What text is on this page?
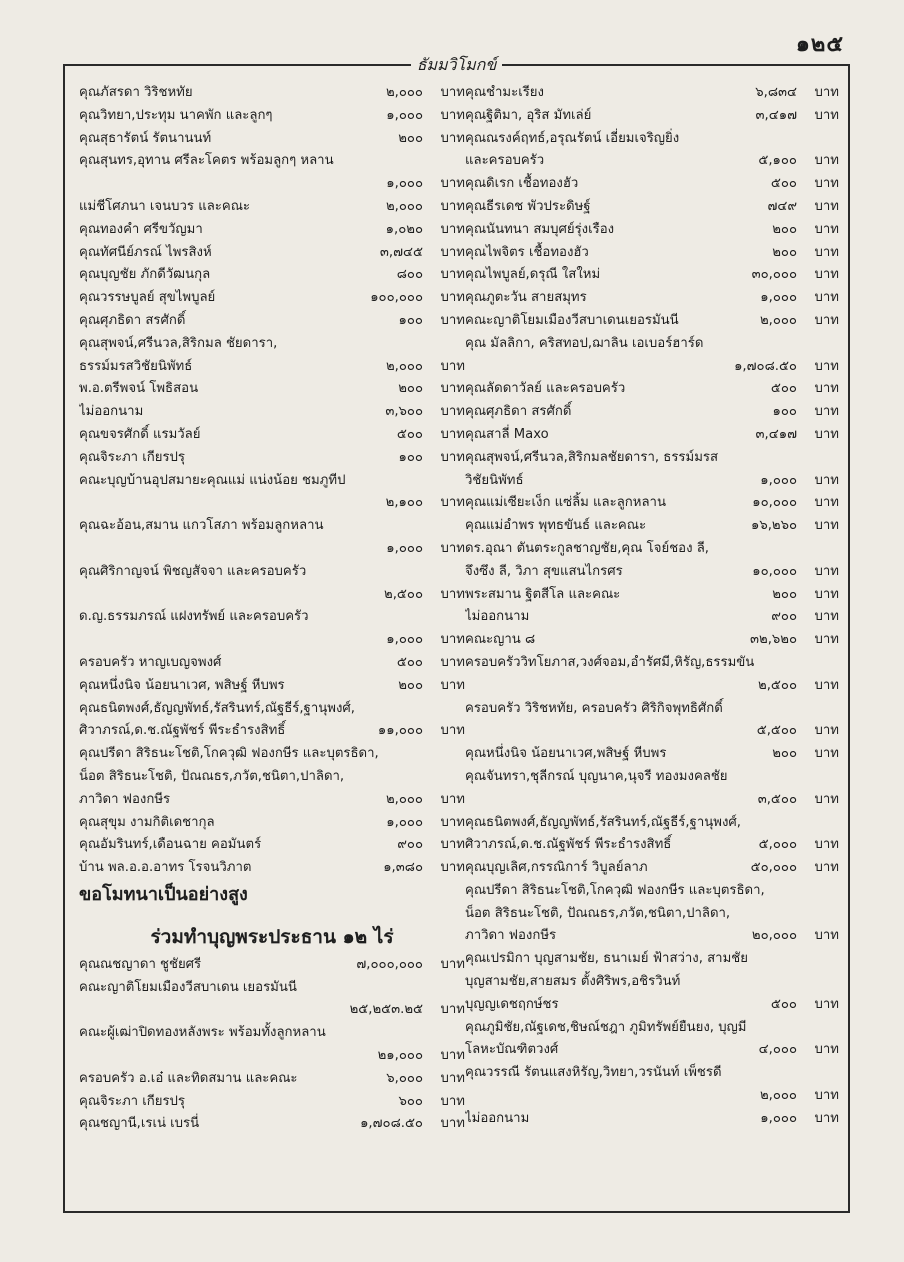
๑๒๕
ธัมมวิโมกข์
คุณภัสรดา วิริชหทัย	๒,๐๐๐	บาท
คุณวิทยา,ประทุม นาคพัก และลูกๆ	๑,๐๐๐	บาท
คุณสุธารัตน์ รัตนานนท์	๒๐๐	บาท
คุณสุนทร,อุทาน ศรีละโคตร พร้อมลูกๆ หลาน
๑,๐๐๐	บาท
แม่ชีโศภนา เจนบวร และคณะ	๒,๐๐๐	บาท
คุณทองคำ ศรีขวัญมา	๑,๐๒๐	บาท
คุณทัศนีย์ภรณ์ ไพรสิงห์	๓,๗๔๕	บาท
คุณบุญชัย ภักดีวัฒนกุล	๘๐๐	บาท
คุณวรรษบูลย์ สุขไพบูลย์	๑๐๐,๐๐๐	บาท
คุณศุภธิดา สรศักดิ์	๑๐๐	บาท
คุณสุพจน์,ศรีนวล,สิริกมล ชัยดารา,
ธรรม์มรสวิชัยนิพัทธ์	๒,๐๐๐	บาท
พ.อ.ตรีพจน์ โพธิสอน	๒๐๐	บาท
ไม่ออกนาม	๓,๖๐๐	บาท
คุณขจรศักดิ์ แรมวัลย์	๕๐๐	บาท
คุณจิระภา เกียรปรุ	๑๐๐	บาท
คณะบุญบ้านอุปสมายะคุณแม่ แน่งน้อย ชมภูทีป
๒,๑๐๐	บาท
คุณฉะอ้อน,สมาน แกวโสภา พร้อมลูกหลาน
๑,๐๐๐	บาท
คุณศิริกาญจน์ พิชญสัจจา และครอบครัว
๒,๕๐๐	บาท
ด.ญ.ธรรมภรณ์ แฝงทรัพย์ และครอบครัว
๑,๐๐๐	บาท
ครอบครัว หาญเบญจพงศ์	๕๐๐	บาท
คุณหนึ่งนิจ น้อยนาเวศ, พสิษฐ์ หีบพร	๒๐๐	บาท
คุณธนิตพงศ์,ธัญญพัทธ์,รัสรินทร์,ณัฐธีร์,ฐานุพงศ์,
ศิวาภรณ์,ด.ช.ณัฐพัชร์ พีระธำรงสิทธิ์	๑๑,๐๐๐	บาท
คุณปรีดา สิริธนะโชติ,โกควุฒิ ฟองกษีร และบุตรธิดา,
น็อต สิริธนะโชติ, ปัณณธร,ภวัต,ชนิตา,ปาลิดา,
ภาวิดา ฟองกษีร	๒,๐๐๐	บาท
คุณสุขุม งามกิติเดชากุล	๑,๐๐๐	บาท
คุณอัมรินทร์,เดือนฉาย คอมันตร์	๙๐๐	บาท
บ้าน พล.อ.อ.อาทร โรจนวิภาต	๑,๓๘๐	บาท
ขอโมทนาเป็นอย่างสูง
ร่วมทำบุญพระประธาน ๑๒ ไร่
คุณณชญาดา ชูชัยศรี	๗,๐๐๐,๐๐๐	บาท
คณะญาติโยมเมืองวีสบาเดน เยอรมันนี
๒๕,๒๕๓.๒๕	บาท
คณะผู้เฒ่าปิดทองหลังพระ พร้อมทั้งลูกหลาน
๒๑,๐๐๐	บาท
ครอบครัว อ.เอ๋ และทิดสมาน และคณะ	๖,๐๐๐	บาท
คุณจิระภา เกียรปรุ	๖๐๐	บาท
คุณชญานี,เรเน่ เบรนี่	๑,๗๐๘.๕๐	บาท
คุณชำมะเรียง	๖,๘๓๔	บาท
คุณฐิติมา, อุริส มัทเล่ย์	๓,๔๑๗	บาท
คุณณรงค์ฤทธ์,อรุณรัตน์ เอี่ยมเจริญยิ่ง
และครอบครัว	๕,๑๐๐	บาท
คุณดิเรก เชื้อทองฮัว	๕๐๐	บาท
คุณธีรเดช พัวประดิษฐ์	๗๔๙	บาท
คุณนันทนา สมบุศย์รุ่งเรือง	๒๐๐	บาท
คุณไพจิตร เชื้อทองฮัว	๒๐๐	บาท
คุณไพบูลย์,ดรุณี ใสใหม่	๓๐,๐๐๐	บาท
คุณภูตะวัน สายสมุทร	๑,๐๐๐	บาท
คณะญาติโยมเมืองวีสบาเดนเยอรมันนี	๒,๐๐๐	บาท
คุณ มัลลิกา, คริสทอป,ฌาลิน เอเบอร์ฮาร์ด
๑,๗๐๘.๕๐	บาท
คุณลัดดาวัลย์ และครอบครัว	๕๐๐	บาท
คุณศุภธิดา สรศักดิ์	๑๐๐	บาท
คุณสาลี่ Maxo	๓,๔๑๗	บาท
คุณสุพจน์,ศรีนวล,สิริกมลชัยดารา, ธรรม์มรส
วิชัยนิพัทธ์	๑,๐๐๐	บาท
คุณแม่เซียะเง็ก แซ่ลิ้ม และลูกหลาน	๑๐,๐๐๐	บาท
คุณแม่อำพร พุทธขันธ์ และคณะ	๑๖,๒๖๐	บาท
ดร.อุณา ตันตระกูลชาญชัย,คุณ โจย์ชอง ลี,
จึงซึง ลี, วิภา สุขแสนไกรศร	๑๐,๐๐๐	บาท
พระสมาน ฐิตสีโล และคณะ	๒๐๐	บาท
ไม่ออกนาม	๙๐๐	บาท
คณะญาน ๘	๓๒,๖๒๐	บาท
ครอบครัววิทโยภาส,วงศ์จอม,อำรัศมี,หิรัญ,ธรรมขัน
๒,๕๐๐	บาท
ครอบครัว วิริชหทัย, ครอบครัว ศิริกิจพุทธิศักดิ์
๕,๕๐๐	บาท
คุณหนึ่งนิจ น้อยนาเวศ,พสิษฐ์ หีบพร	๒๐๐	บาท
คุณจันทรา,ชุลีกรณ์ บุญนาค,นุจรี ทองมงคลชัย
๓,๕๐๐	บาท
คุณธนิตพงศ์,ธัญญพัทธ์,รัสรินทร์,ณัฐธีร์,ฐานุพงศ์,
ศิวาภรณ์,ด.ช.ณัฐพัชร์ พีระธำรงสิทธิ์	๕,๐๐๐	บาท
คุณบุญเลิศ,กรรณิการ์ วิบูลย์ลาภ	๕๐,๐๐๐	บาท
คุณปรีดา สิริธนะโชติ,โกควุฒิ ฟองกษีร และบุตรธิดา,
น็อต สิริธนะโชติ, ปัณณธร,ภวัต,ชนิตา,ปาลิดา,
ภาวิดา ฟองกษีร	๒๐,๐๐๐	บาท
คุณเปรมิกา บุญสามชัย, ธนาเมย์ ฟ้าสว่าง, สามชัย
บุญสามชัย,สายสมร ตั้งศิริพร,อชิรวินท์
บุญญเดชฤกษ์ชร	๕๐๐	บาท
คุณภูมิชัย,ณัฐเดช,ชิษณ์ชฎา ภูมิทรัพย์ยืนยง, บุญมี
โลหะบัณฑิตวงศ์	๔,๐๐๐	บาท
คุณวรรณี รัตนแสงหิรัญ,วิทยา,วรนันท์ เพ็ชรดี
๒,๐๐๐	บาท
ไม่ออกนาม	๑,๐๐๐	บาท
